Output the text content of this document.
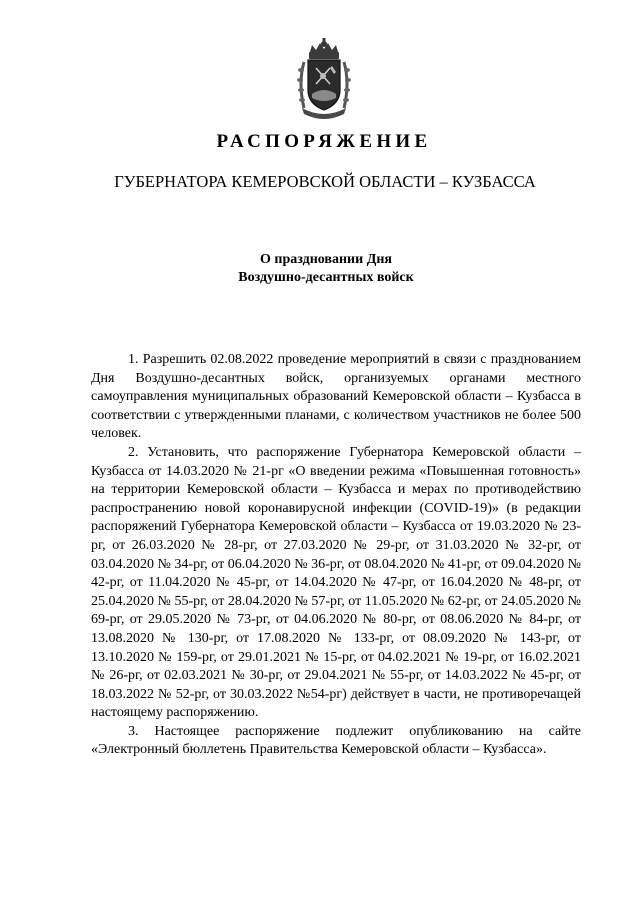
РАСПОРЯЖЕНИЕ
ГУБЕРНАТОРА КЕМЕРОВСКОЙ ОБЛАСТИ – КУЗБАССА
О праздновании Дня
Воздушно-десантных войск

1. Разрешить 02.08.2022 проведение мероприятий в связи с празднованием Дня Воздушно-десантных войск, организуемых органами местного самоуправления муниципальных образований Кемеровской области – Кузбасса в соответствии с утвержденными планами, с количеством участников не более 500 человек.

2. Установить, что распоряжение Губернатора Кемеровской области – Кузбасса от 14.03.2020 № 21-рг «О введении режима «Повышенная готовность» на территории Кемеровской области – Кузбасса и мерах по противодействию распространению новой коронавирусной инфекции (COVID-19)» (в редакции распоряжений Губернатора Кемеровской области – Кузбасса от 19.03.2020 № 23-рг, от 26.03.2020 № 28-рг, от 27.03.2020 № 29-рг, от 31.03.2020 № 32-рг, от 03.04.2020 № 34-рг, от 06.04.2020 № 36-рг, от 08.04.2020 № 41-рг, от 09.04.2020 № 42-рг, от 11.04.2020 № 45-рг, от 14.04.2020 № 47-рг, от 16.04.2020 № 48-рг, от 25.04.2020 № 55-рг, от 28.04.2020 № 57-рг, от 11.05.2020 № 62-рг, от 24.05.2020 № 69-рг, от 29.05.2020 № 73-рг, от 04.06.2020 № 80-рг, от 08.06.2020 № 84-рг, от 13.08.2020 № 130-рг, от 17.08.2020 № 133-рг, от 08.09.2020 № 143-рг, от 13.10.2020 № 159-рг, от 29.01.2021 № 15-рг, от 04.02.2021 № 19-рг, от 16.02.2021 № 26-рг, от 02.03.2021 № 30-рг, от 29.04.2021 № 55-рг, от 14.03.2022 № 45-рг, от 18.03.2022 № 52-рг, от 30.03.2022 №54-рг) действует в части, не противоречащей настоящему распоряжению.

3. Настоящее распоряжение подлежит опубликованию на сайте «Электронный бюллетень Правительства Кемеровской области – Кузбасса».
